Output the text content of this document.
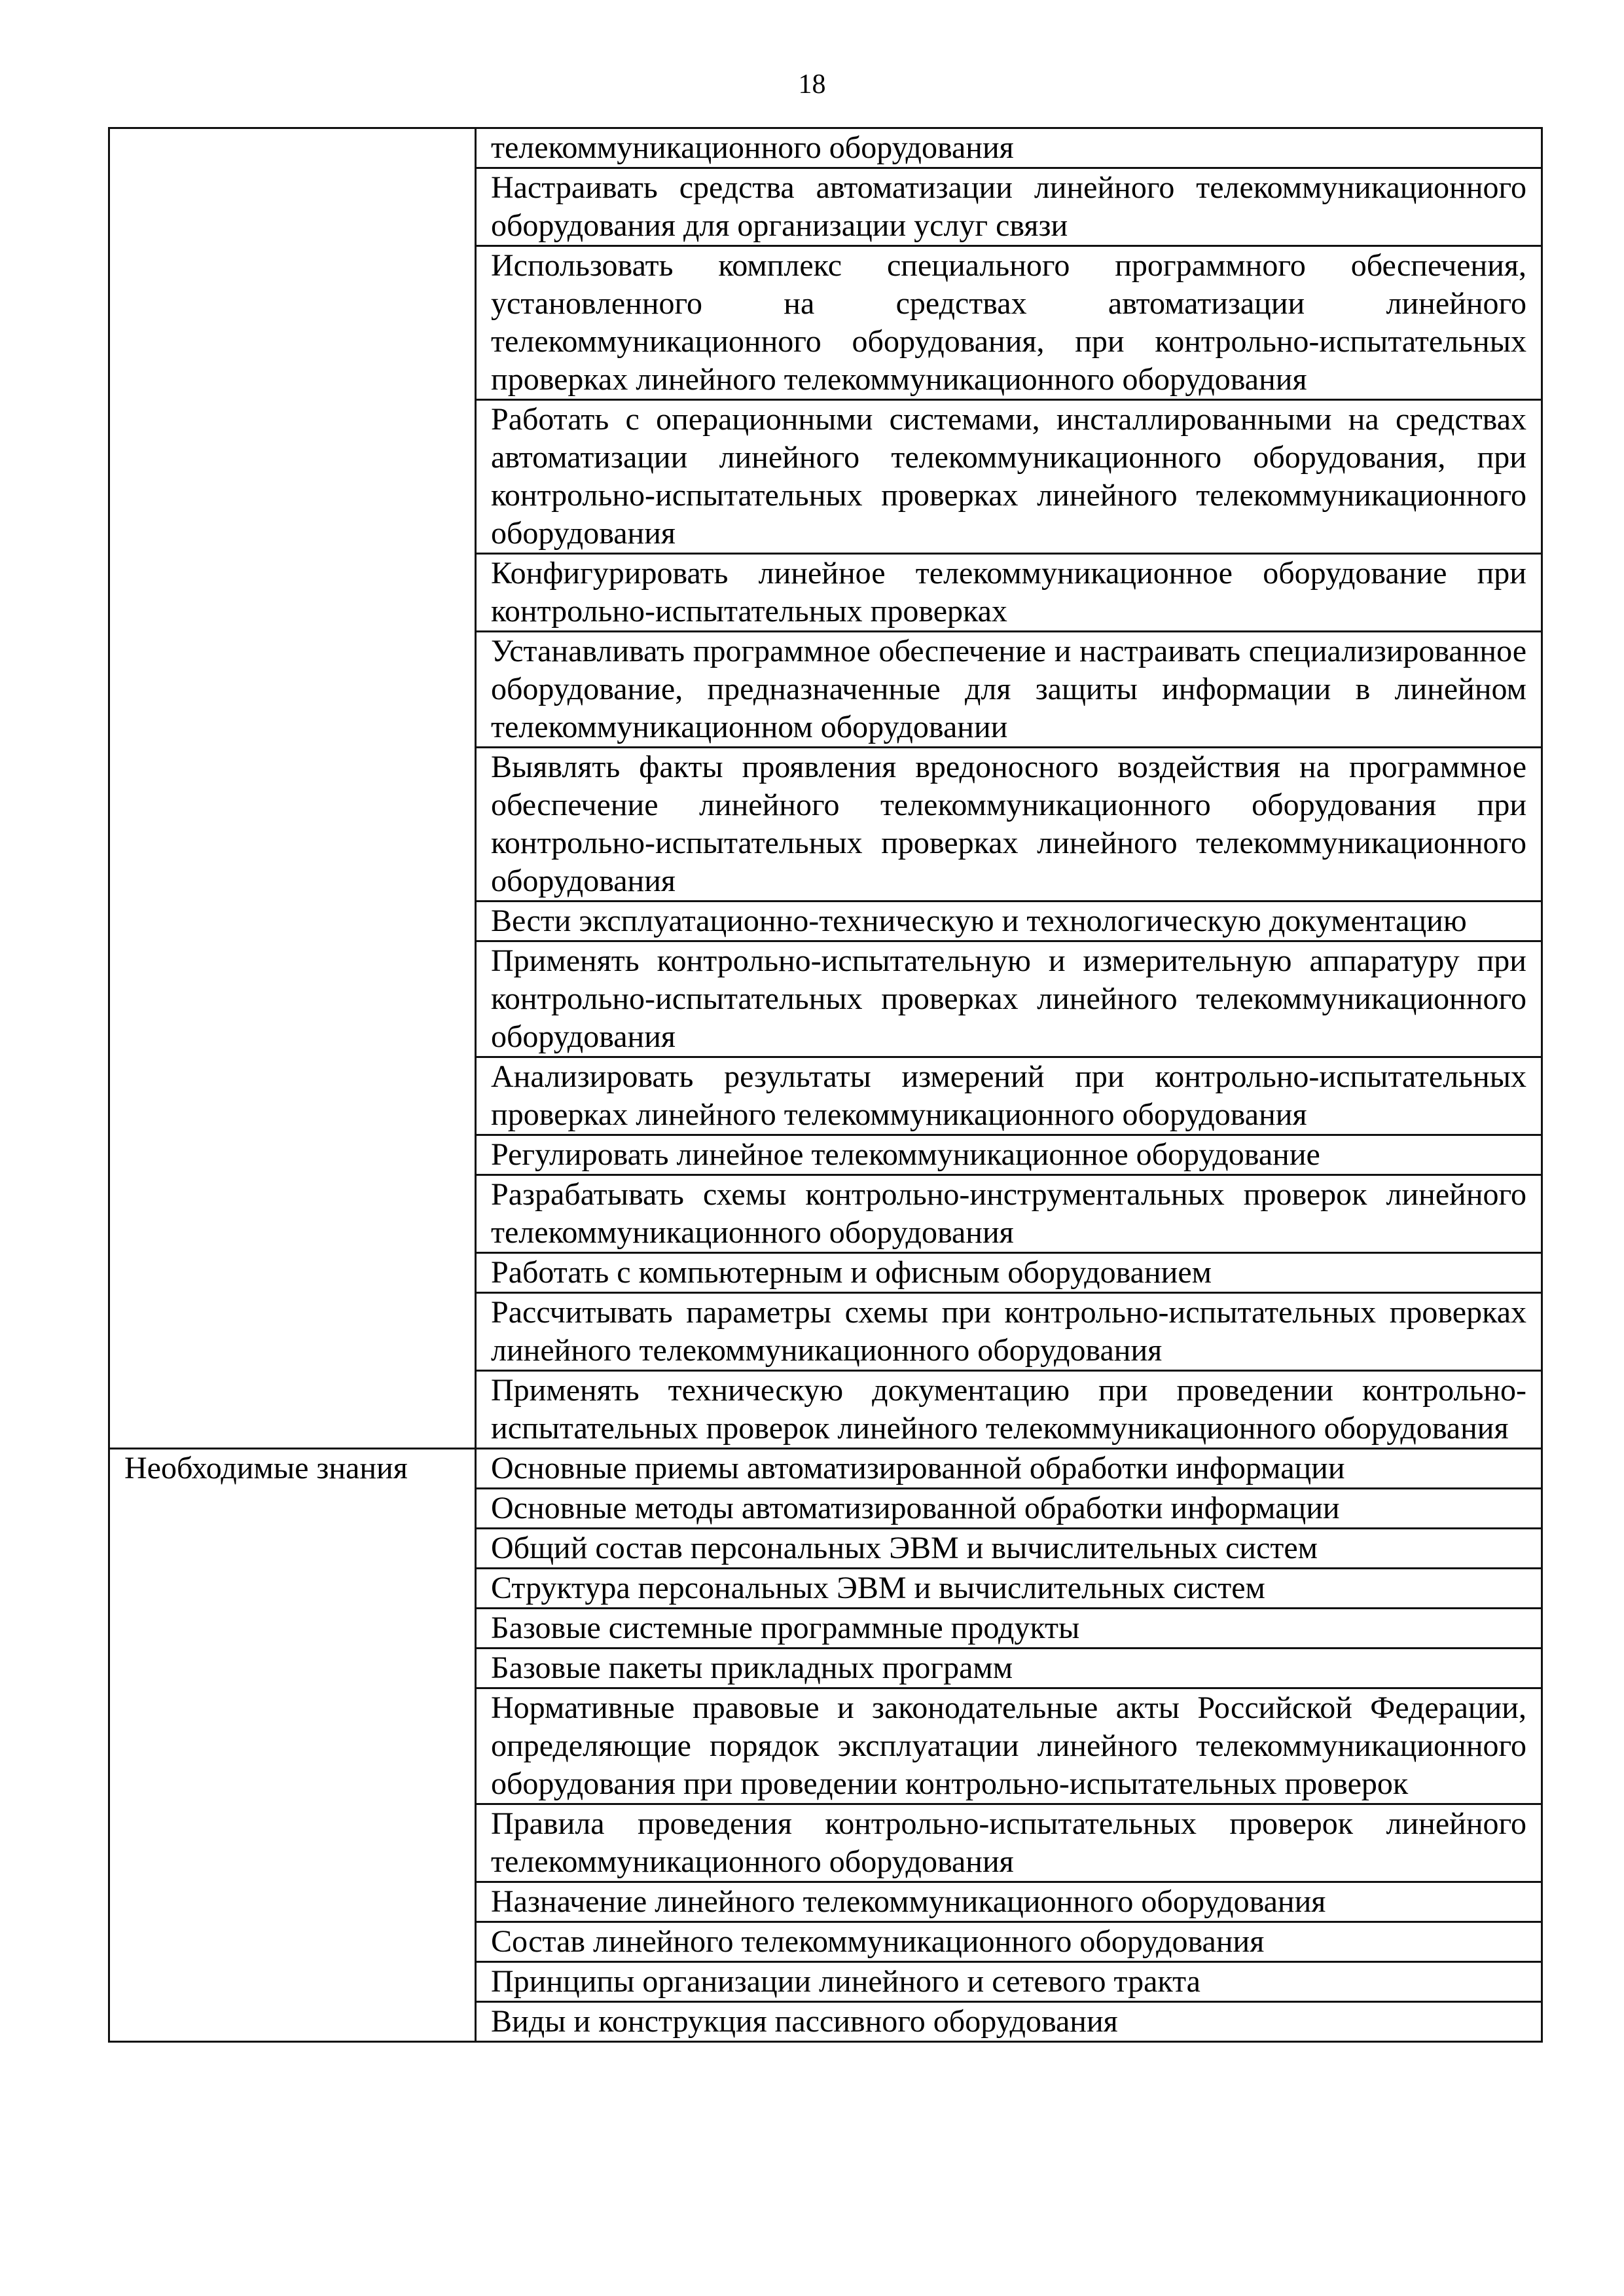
18

	телекоммуникационного оборудования
	Настраивать средства автоматизации линейного телекоммуникационного оборудования для организации услуг связи
	Использовать комплекс специального программного обеспечения, установленного на средствах автоматизации линейного телекоммуникационного оборудования, при контрольно-испытательных проверках линейного телекоммуникационного оборудования
	Работать с операционными системами, инсталлированными на средствах автоматизации линейного телекоммуникационного оборудования, при контрольно-испытательных проверках линейного телекоммуникационного оборудования
	Конфигурировать линейное телекоммуникационное оборудование при контрольно-испытательных проверках
	Устанавливать программное обеспечение и настраивать специализированное оборудование, предназначенные для защиты информации в линейном телекоммуникационном оборудовании
	Выявлять факты проявления вредоносного воздействия на программное обеспечение линейного телекоммуникационного оборудования при контрольно-испытательных проверках линейного телекоммуникационного оборудования
	Вести эксплуатационно-техническую и технологическую документацию
	Применять контрольно-испытательную и измерительную аппаратуру при контрольно-испытательных проверках линейного телекоммуникационного оборудования
	Анализировать результаты измерений при контрольно-испытательных проверках линейного телекоммуникационного оборудования
	Регулировать линейное телекоммуникационное оборудование
	Разрабатывать схемы контрольно-инструментальных проверок линейного телекоммуникационного оборудования
	Работать с компьютерным и офисным оборудованием
	Рассчитывать параметры схемы при контрольно-испытательных проверках линейного телекоммуникационного оборудования
	Применять техническую документацию при проведении контрольно-испытательных проверок линейного телекоммуникационного оборудования
Необходимые знания	Основные приемы автоматизированной обработки информации
	Основные методы автоматизированной обработки информации
	Общий состав персональных ЭВМ и вычислительных систем
	Структура персональных ЭВМ и вычислительных систем
	Базовые системные программные продукты
	Базовые пакеты прикладных программ
	Нормативные правовые и законодательные акты Российской Федерации, определяющие порядок эксплуатации линейного телекоммуникационного оборудования при проведении контрольно-испытательных проверок
	Правила проведения контрольно-испытательных проверок линейного телекоммуникационного оборудования
	Назначение линейного телекоммуникационного оборудования
	Состав линейного телекоммуникационного оборудования
	Принципы организации линейного и сетевого тракта
	Виды и конструкция пассивного оборудования
